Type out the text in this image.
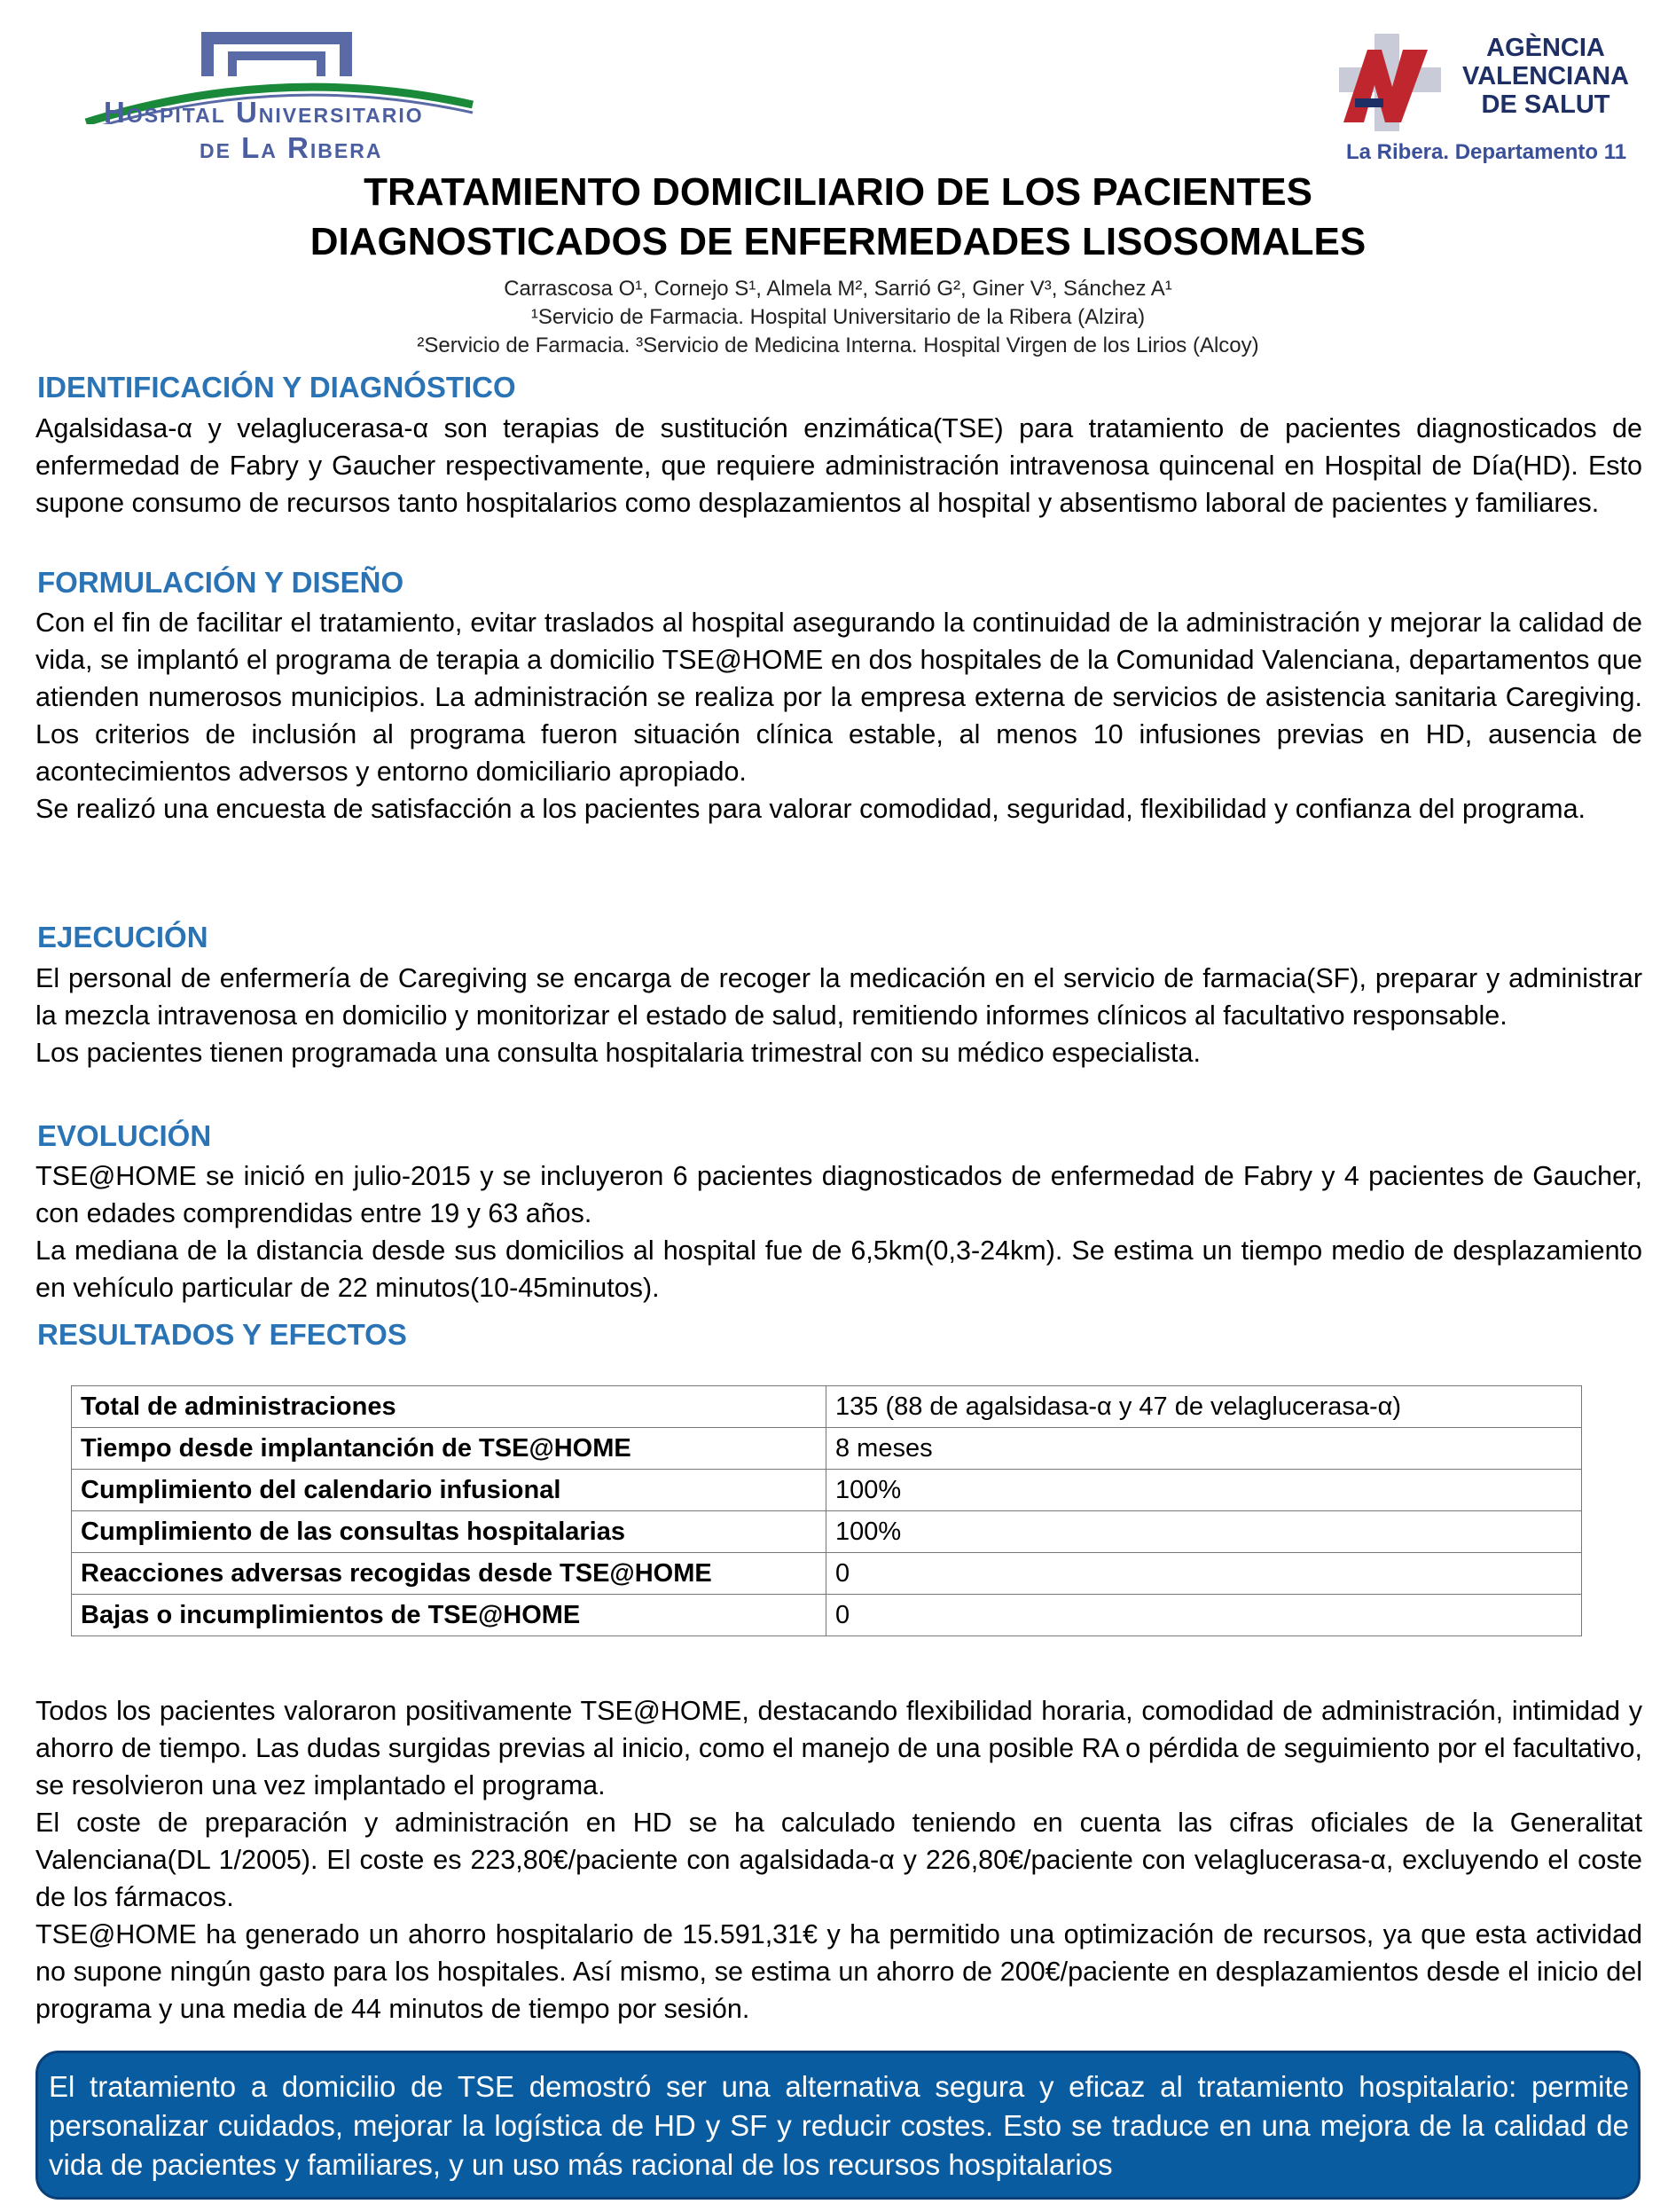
Hospital Universitario
de La Ribera
AGÈNCIA
VALENCIANA
DE SALUT
La Ribera. Departamento 11
TRATAMIENTO DOMICILIARIO DE LOS PACIENTES
DIAGNOSTICADOS DE ENFERMEDADES LISOSOMALES
Carrascosa O¹, Cornejo S¹, Almela M², Sarrió G², Giner V³, Sánchez A¹
¹Servicio de Farmacia. Hospital Universitario de la Ribera (Alzira)
²Servicio de Farmacia. ³Servicio de Medicina Interna. Hospital Virgen de los Lirios (Alcoy)
IDENTIFICACIÓN Y DIAGNÓSTICO

Agalsidasa-α y velaglucerasa-α son terapias de sustitución enzimática(TSE) para tratamiento de pacientes diagnosticados de enfermedad de Fabry y Gaucher respectivamente, que requiere administración intravenosa quincenal en Hospital de Día(HD). Esto supone consumo de recursos tanto hospitalarios como desplazamientos al hospital y absentismo laboral de pacientes y familiares.

FORMULACIÓN Y DISEÑO

Con el fin de facilitar el tratamiento, evitar traslados al hospital asegurando la continuidad de la administración y mejorar la calidad de vida, se implantó el programa de terapia a domicilio TSE@HOME en dos hospitales de la Comunidad Valenciana, departamentos que atienden numerosos municipios. La administración se realiza por la empresa externa de servicios de asistencia sanitaria Caregiving. Los criterios de inclusión al programa fueron situación clínica estable, al menos 10 infusiones previas en HD, ausencia de acontecimientos adversos y entorno domiciliario apropiado.

Se realizó una encuesta de satisfacción a los pacientes para valorar comodidad, seguridad, flexibilidad y confianza del programa.

EJECUCIÓN

El personal de enfermería de Caregiving se encarga de recoger la medicación en el servicio de farmacia(SF), preparar y administrar la mezcla intravenosa en domicilio y monitorizar el estado de salud, remitiendo informes clínicos al facultativo responsable.

Los pacientes tienen programada una consulta hospitalaria trimestral con su médico especialista.

EVOLUCIÓN

TSE@HOME se inició en julio-2015 y se incluyeron 6 pacientes diagnosticados de enfermedad de Fabry y 4 pacientes de Gaucher, con edades comprendidas entre 19 y 63 años.

La mediana de la distancia desde sus domicilios al hospital fue de 6,5km(0,3-24km). Se estima un tiempo medio de desplazamiento en vehículo particular de 22 minutos(10-45minutos).

RESULTADOS Y EFECTOS
Total de administraciones	135 (88 de agalsidasa-α y 47 de velaglucerasa-α)
Tiempo desde implantanción de TSE@HOME	8 meses
Cumplimiento del calendario infusional	100%
Cumplimiento de las consultas hospitalarias	100%
Reacciones adversas recogidas desde TSE@HOME	0
Bajas o incumplimientos de TSE@HOME	0

Todos los pacientes valoraron positivamente TSE@HOME, destacando flexibilidad horaria, comodidad de administración, intimidad y ahorro de tiempo. Las dudas surgidas previas al inicio, como el manejo de una posible RA o pérdida de seguimiento por el facultativo, se resolvieron una vez implantado el programa.

El coste de preparación y administración en HD se ha calculado teniendo en cuenta las cifras oficiales de la Generalitat Valenciana(DL 1/2005). El coste es 223,80€/paciente con agalsidada-α y 226,80€/paciente con velaglucerasa-α, excluyendo el coste de los fármacos.

TSE@HOME ha generado un ahorro hospitalario de 15.591,31€ y ha permitido una optimización de recursos, ya que esta actividad no supone ningún gasto para los hospitales. Así mismo, se estima un ahorro de 200€/paciente en desplazamientos desde el inicio del programa y una media de 44 minutos de tiempo por sesión.

El tratamiento a domicilio de TSE demostró ser una alternativa segura y eficaz al tratamiento hospitalario: permite personalizar cuidados, mejorar la logística de HD y SF y reducir costes. Esto se traduce en una mejora de la calidad de vida de pacientes y familiares, y un uso más racional de los recursos hospitalarios
